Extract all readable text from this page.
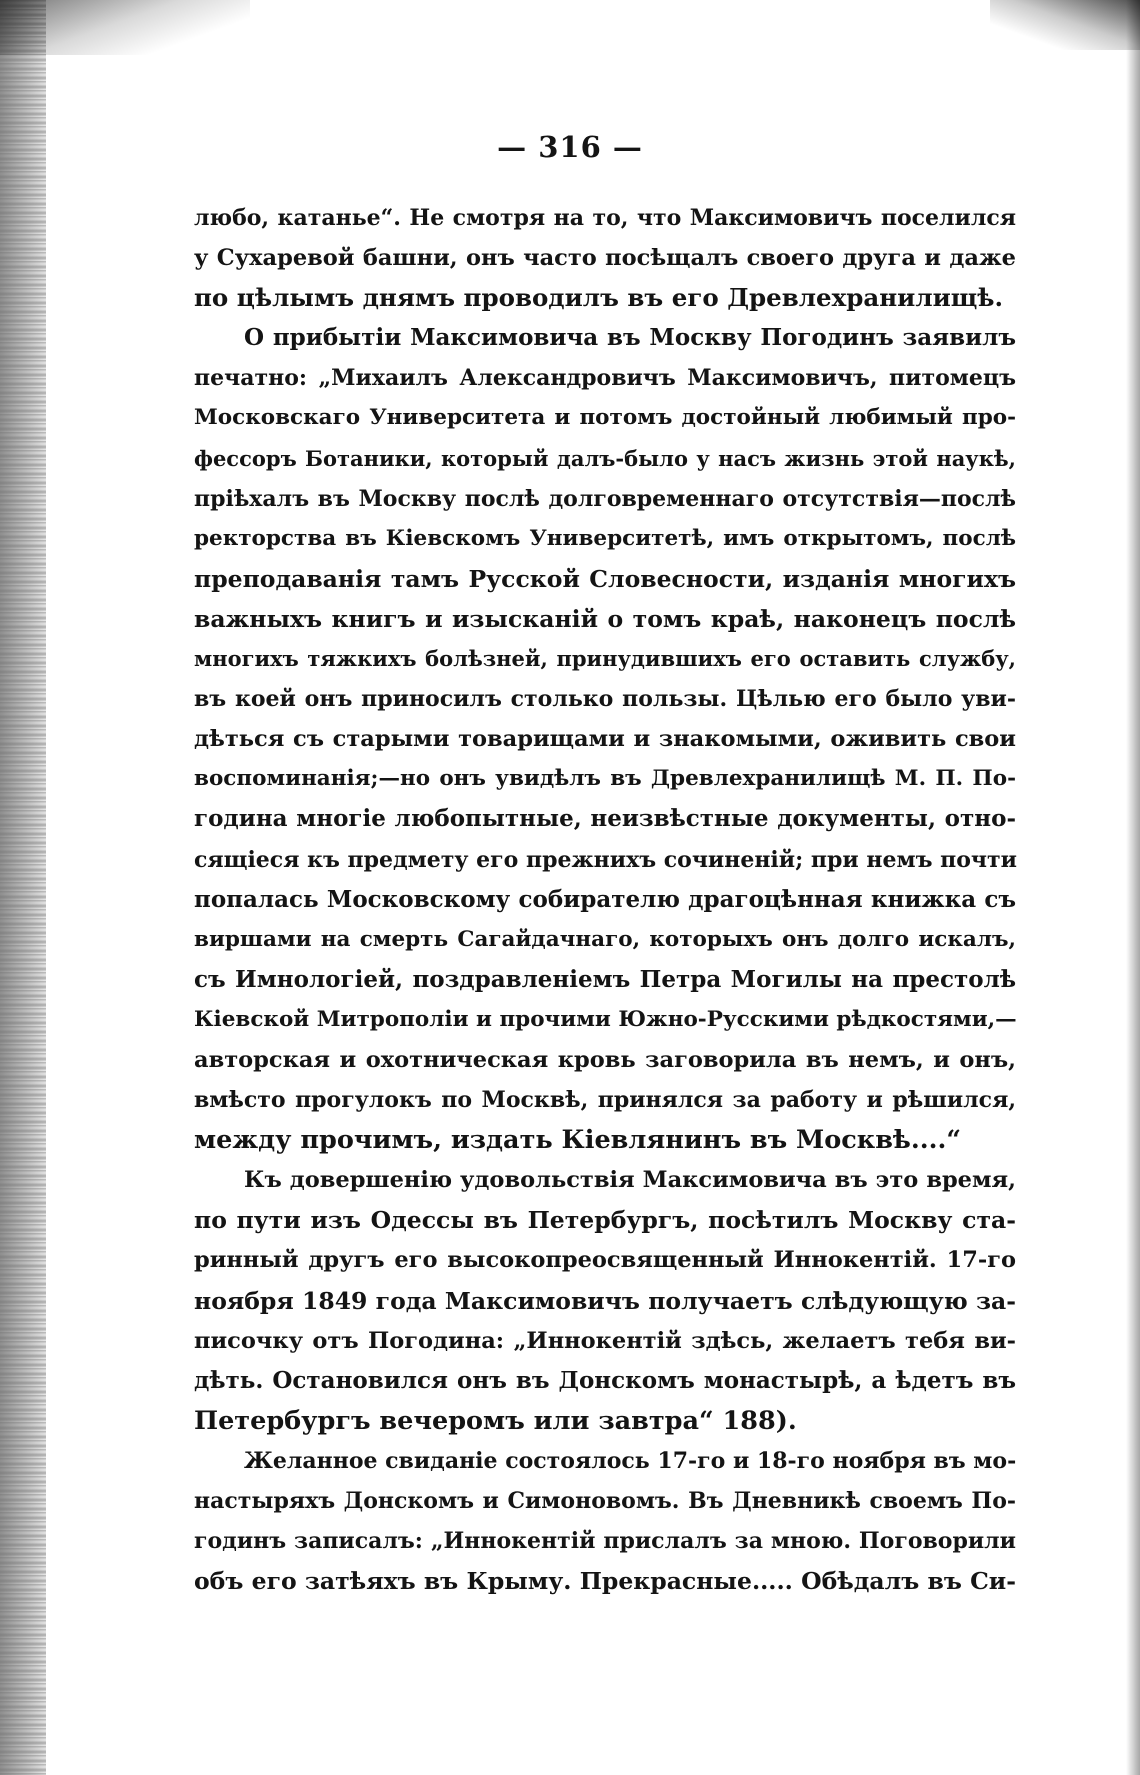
— 316 —
любо, катанье“. Не смотря на то, что Максимовичъ поселился
у Сухаревой башни, онъ часто посѣщалъ своего друга и даже
по цѣлымъ днямъ проводилъ въ его Древлехранилищѣ.
О прибытіи Максимовича въ Москву Погодинъ заявилъ
печатно: „Михаилъ Александровичъ Максимовичъ, питомецъ
Московскаго Университета и потомъ достойный любимый про-
фессоръ Ботаники, который далъ-было у насъ жизнь этой наукѣ,
пріѣхалъ въ Москву послѣ долговременнаго отсутствія—послѣ
ректорства въ Кіевскомъ Университетѣ, имъ открытомъ, послѣ
преподаванія тамъ Русской Словесности, изданія многихъ
важныхъ книгъ и изысканій о томъ краѣ, наконецъ послѣ
многихъ тяжкихъ болѣзней, принудившихъ его оставить службу,
въ коей онъ приносилъ столько пользы. Цѣлью его было уви-
дѣться съ старыми товарищами и знакомыми, оживить свои
воспоминанія;—но онъ увидѣлъ въ Древлехранилищѣ М. П. По-
година многіе любопытные, неизвѣстные документы, отно-
сящіеся къ предмету его прежнихъ сочиненій; при немъ почти
попалась Московскому собирателю драгоцѣнная книжка съ
виршами на смерть Сагайдачнаго, которыхъ онъ долго искалъ,
съ Имнологіей, поздравленіемъ Петра Могилы на престолѣ
Кіевской Митрополіи и прочими Южно-Русскими рѣдкостями,—
авторская и охотническая кровь заговорила въ немъ, и онъ,
вмѣсто прогулокъ по Москвѣ, принялся за работу и рѣшился,
между прочимъ, издать Кіевлянинъ въ Москвѣ....“
Къ довершенію удовольствія Максимовича въ это время,
по пути изъ Одессы въ Петербургъ, посѣтилъ Москву ста-
ринный другъ его высокопреосвященный Иннокентій. 17-го
ноября 1849 года Максимовичъ получаетъ слѣдующую за-
писочку отъ Погодина: „Иннокентій здѣсь, желаетъ тебя ви-
дѣть. Остановился онъ въ Донскомъ монастырѣ, а ѣдетъ въ
Петербургъ вечеромъ или завтра“ 188).
Желанное свиданіе состоялось 17-го и 18-го ноября въ мо-
настыряхъ Донскомъ и Симоновомъ. Въ Дневникѣ своемъ По-
годинъ записалъ: „Иннокентій прислалъ за мною. Поговорили
объ его затѣяхъ въ Крыму. Прекрасные..... Обѣдалъ въ Си-
